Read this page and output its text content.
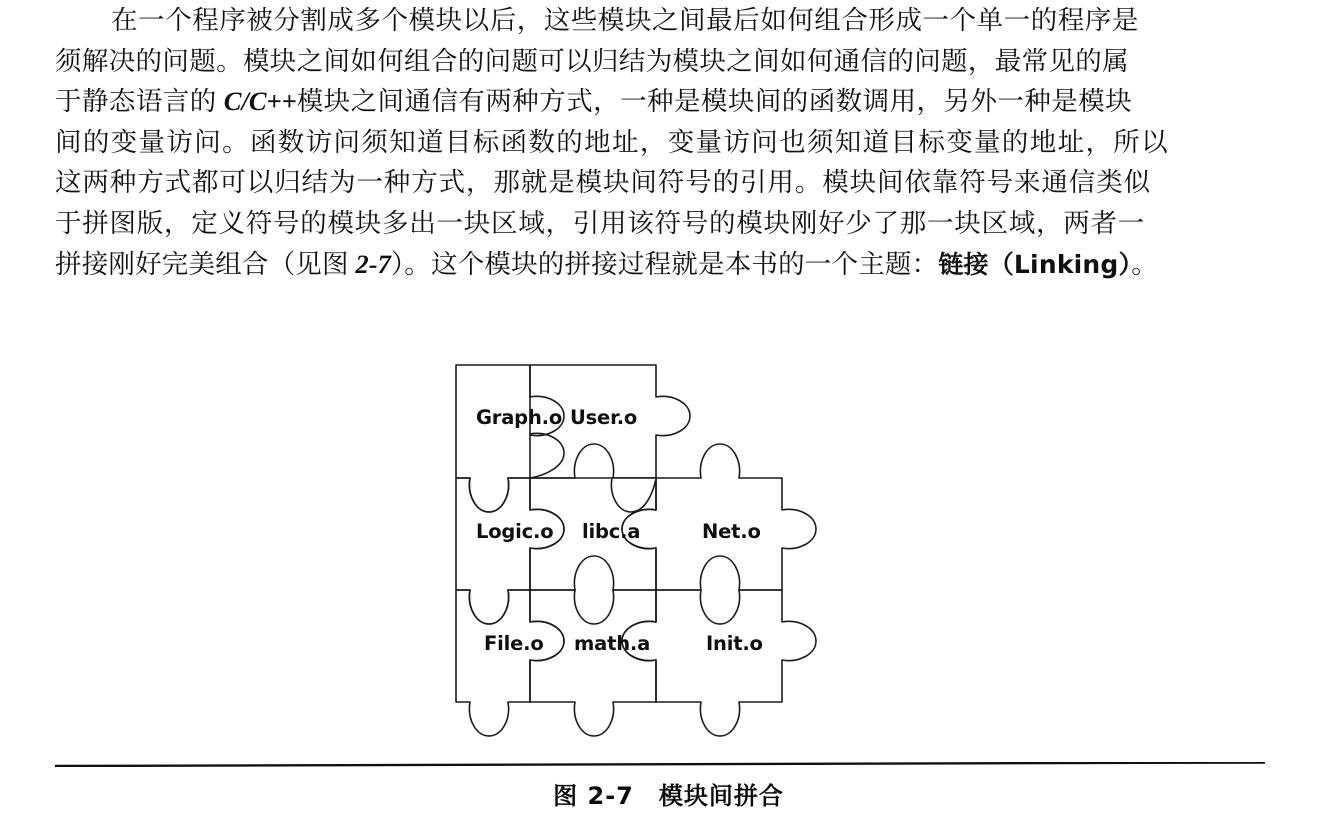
在一个程序被分割成多个模块以后，这些模块之间最后如何组合形成一个单一的程序是
须解决的问题。模块之间如何组合的问题可以归结为模块之间如何通信的问题，最常见的属
于静态语言的 C/C++模块之间通信有两种方式，一种是模块间的函数调用，另外一种是模块
间的变量访问。函数访问须知道目标函数的地址，变量访问也须知道目标变量的地址，所以
这两种方式都可以归结为一种方式，那就是模块间符号的引用。模块间依靠符号来通信类似
于拼图版，定义符号的模块多出一块区域，引用该符号的模块刚好少了那一块区域，两者一
拼接刚好完美组合（见图 2-7）。这个模块的拼接过程就是本书的一个主题：链接（Linking）。
Graph.o User.o
Logic.o libc.a	Net.o
File.o math.a	Init.o
图 2-7　模块间拼合
